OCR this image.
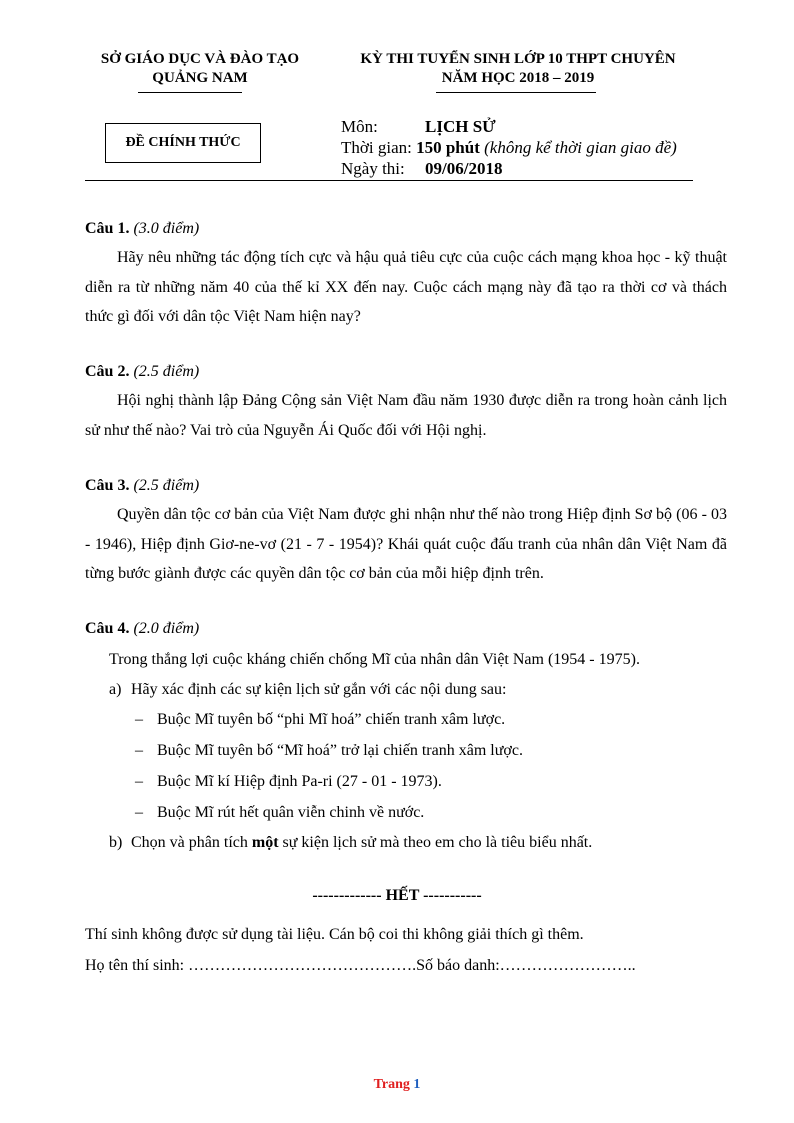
SỞ GIÁO DỤC VÀ ĐÀO TẠO
QUẢNG NAM
KỲ THI TUYỂN SINH LỚP 10 THPT CHUYÊN
NĂM HỌC 2018 – 2019
ĐỀ CHÍNH THỨC
Môn:	LỊCH SỬ
Thời gian: 150 phút (không kể thời gian giao đề)
Ngày thi: 09/06/2018
Câu 1. (3.0 điểm)
Hãy nêu những tác động tích cực và hậu quả tiêu cực của cuộc cách mạng khoa học - kỹ thuật diễn ra từ những năm 40 của thế kỉ XX đến nay. Cuộc cách mạng này đã tạo ra thời cơ và thách thức gì đối với dân tộc Việt Nam hiện nay?
Câu 2. (2.5 điểm)
Hội nghị thành lập Đảng Cộng sản Việt Nam đầu năm 1930 được diễn ra trong hoàn cảnh lịch sử như thế nào? Vai trò của Nguyễn Ái Quốc đối với Hội nghị.
Câu 3. (2.5 điểm)
Quyền dân tộc cơ bản của Việt Nam được ghi nhận như thế nào trong Hiệp định Sơ bộ (06 - 03 - 1946), Hiệp định Giơ-ne-vơ (21 - 7 - 1954)? Khái quát cuộc đấu tranh của nhân dân Việt Nam đã từng bước giành được các quyền dân tộc cơ bản của mỗi hiệp định trên.
Câu 4. (2.0 điểm)
Trong thắng lợi cuộc kháng chiến chống Mĩ của nhân dân Việt Nam (1954 - 1975).
a) Hãy xác định các sự kiện lịch sử gắn với các nội dung sau:
– Buộc Mĩ tuyên bố “phi Mĩ hoá” chiến tranh xâm lược.
– Buộc Mĩ tuyên bố “Mĩ hoá” trở lại chiến tranh xâm lược.
– Buộc Mĩ kí Hiệp định Pa-ri (27 - 01 - 1973).
– Buộc Mĩ rút hết quân viễn chinh về nước.
b) Chọn và phân tích một sự kiện lịch sử mà theo em cho là tiêu biểu nhất.
------------- HẾT -----------
Thí sinh không được sử dụng tài liệu. Cán bộ coi thi không giải thích gì thêm.
Họ tên thí sinh: …………………………………….Số báo danh:……………………..
Trang 1
